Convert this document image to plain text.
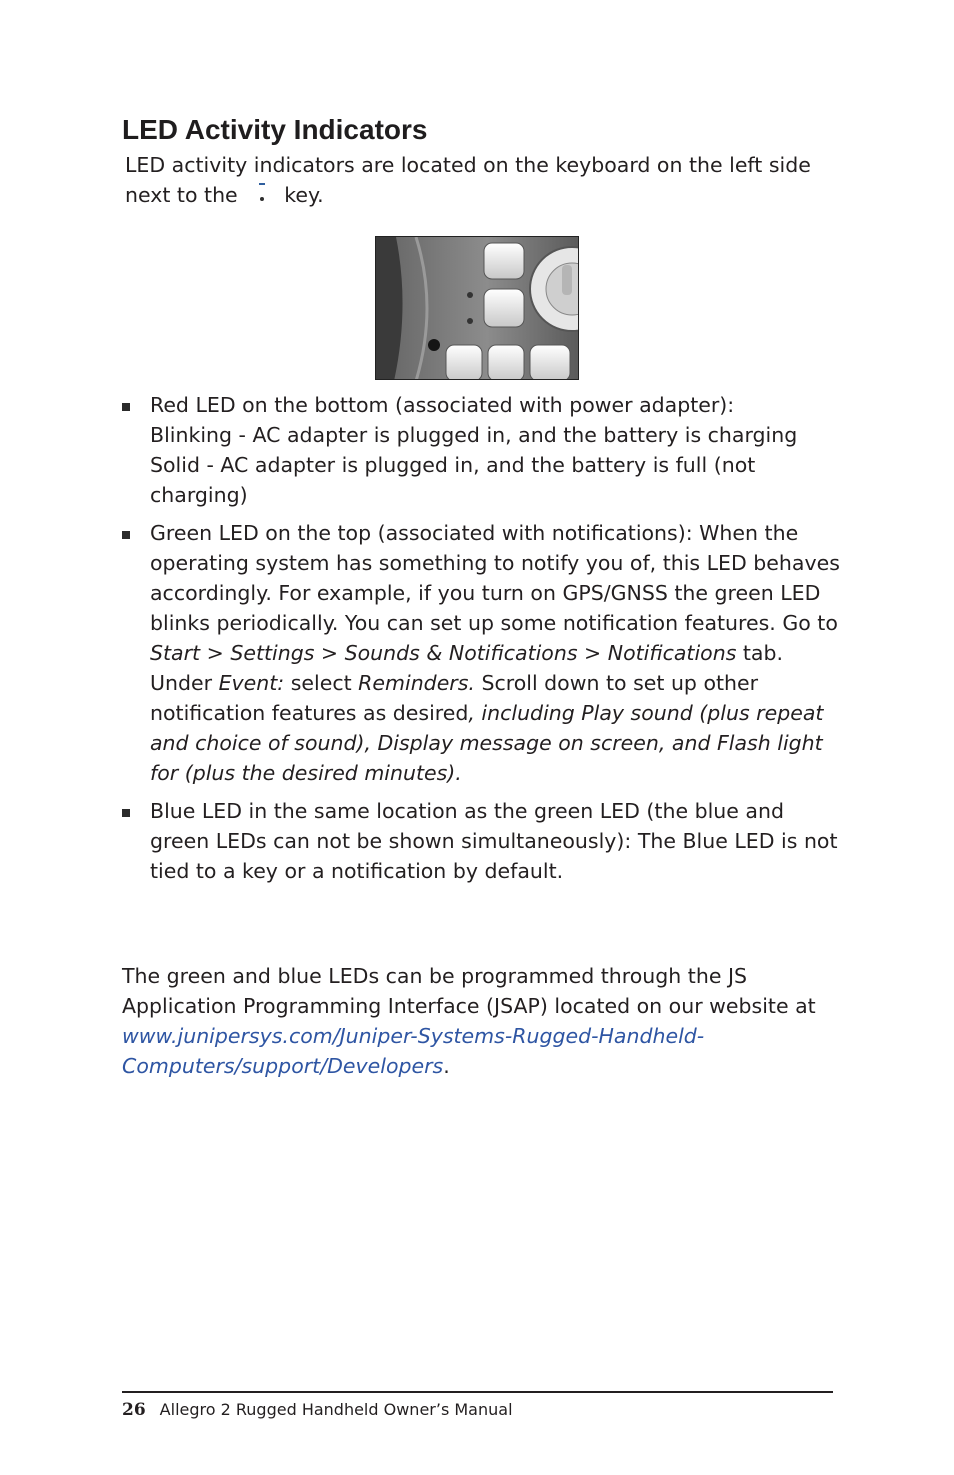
LED Activity Indicators
LED activity indicators are located on the keyboard on the left side next to the key.

Red LED on the bottom (associated with power adapter):

Blinking - AC adapter is plugged in, and the battery is charging

Solid - AC adapter is plugged in, and the battery is full (not charging)

Green LED on the top (associated with notifications): When the operating system has something to notify you of, this LED behaves accordingly. For example, if you turn on GPS/GNSS the green LED blinks periodically. You can set up some notification features. Go to Start > Settings > Sounds & Notifications > Notifications tab. Under Event: select Reminders. Scroll down to set up other notification features as desired, including Play sound (plus repeat and choice of sound), Display message on screen, and Flash light for (plus the desired minutes).

Blue LED in the same location as the green LED (the blue and green LEDs can not be shown simultaneously): The Blue LED is not tied to a key or a notification by default.

The green and blue LEDs can be programmed through the JS Application Programming Interface (JSAP) located on our website at www.junipersys.com/Juniper-Systems-Rugged-Handheld-Computers/support/Developers.

26 Allegro 2 Rugged Handheld Owner’s Manual
